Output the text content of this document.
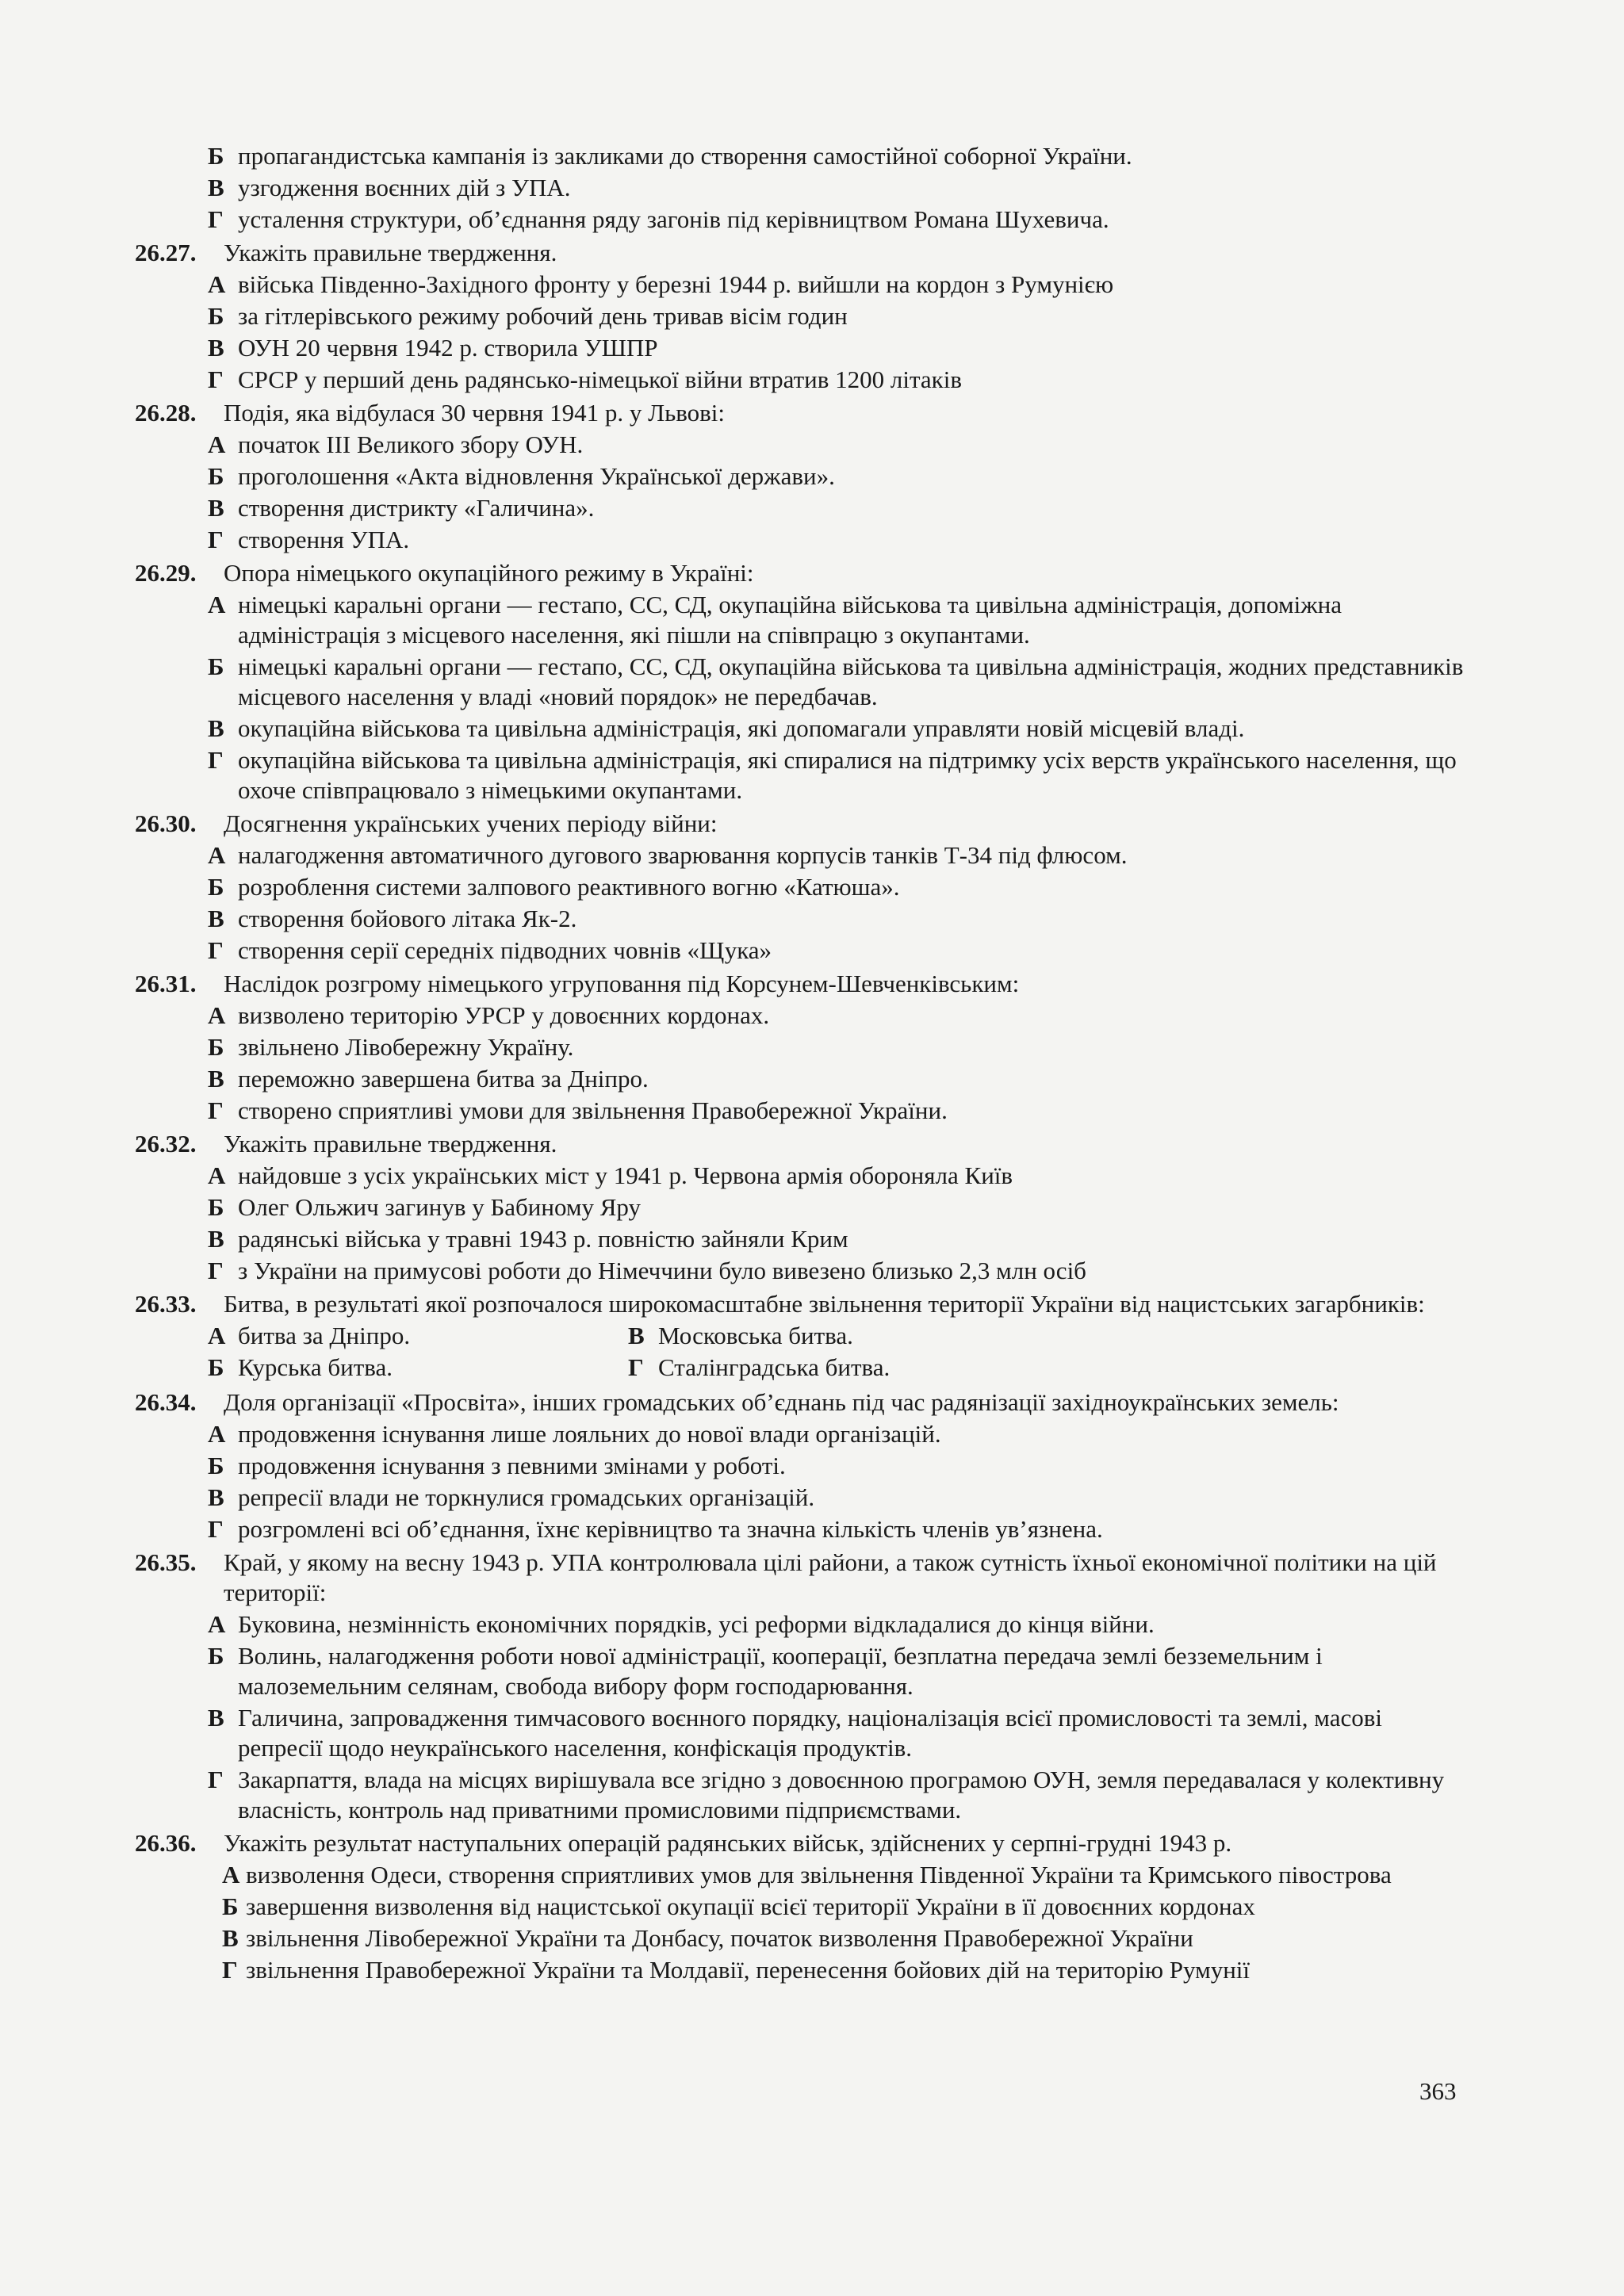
Б пропагандистська кампанія із закликами до створення самостійної соборної України.
В узгодження воєнних дій з УПА.
Г усталення структури, об’єднання ряду загонів під керівництвом Романа Шухевича.
26.27. Укажіть правильне твердження.
А війська Південно-Західного фронту у березні 1944 р. вийшли на кордон з Румунією
Б за гітлерівського режиму робочий день тривав вісім годин
В ОУН 20 червня 1942 р. створила УШПР
Г СРСР у перший день радянсько-німецької війни втратив 1200 літаків
26.28. Подія, яка відбулася 30 червня 1941 р. у Львові:
А початок III Великого збору ОУН.
Б проголошення «Акта відновлення Української держави».
В створення дистрикту «Галичина».
Г створення УПА.
26.29. Опора німецького окупаційного режиму в Україні:
А німецькі каральні органи — гестапо, СС, СД, окупаційна військова та цивільна адміністрація, допоміжна адміністрація з місцевого населення, які пішли на співпрацю з окупантами.
Б німецькі каральні органи — гестапо, СС, СД, окупаційна військова та цивільна адміністрація, жодних представників місцевого населення у владі «новий порядок» не передбачав.
В окупаційна військова та цивільна адміністрація, які допомагали управляти новій місцевій владі.
Г окупаційна військова та цивільна адміністрація, які спиралися на підтримку усіх верств українського населення, що охоче співпрацювало з німецькими окупантами.
26.30. Досягнення українських учених періоду війни:
А налагодження автоматичного дугового зварювання корпусів танків Т-34 під флюсом.
Б розроблення системи залпового реактивного вогню «Катюша».
В створення бойового літака Як-2.
Г створення серії середніх підводних човнів «Щука»
26.31. Наслідок розгрому німецького угруповання під Корсунем-Шевченківським:
А визволено територію УРСР у довоєнних кордонах.
Б звільнено Лівобережну Україну.
В переможно завершена битва за Дніпро.
Г створено сприятливі умови для звільнення Правобережної України.
26.32. Укажіть правильне твердження.
А найдовше з усіх українських міст у 1941 р. Червона армія обороняла Київ
Б Олег Ольжич загинув у Бабиному Яру
В радянські війська у травні 1943 р. повністю зайняли Крим
Г з України на примусові роботи до Німеччини було вивезено близько 2,3 млн осіб
26.33. Битва, в результаті якої розпочалося широкомасштабне звільнення території України від нацистських загарбників:
А битва за Дніпро.
Б Курська битва.
В Московська битва.
Г Сталінградська битва.
26.34. Доля організації «Просвіта», інших громадських об’єднань під час радянізації західноукраїнських земель:
А продовження існування лише лояльних до нової влади організацій.
Б продовження існування з певними змінами у роботі.
В репресії влади не торкнулися громадських організацій.
Г розгромлені всі об’єднання, їхнє керівництво та значна кількість членів ув’язнена.
26.35. Край, у якому на весну 1943 р. УПА контролювала цілі райони, а також сутність їхньої економічної політики на цій території:
А Буковина, незмінність економічних порядків, усі реформи відкладалися до кінця війни.
Б Волинь, налагодження роботи нової адміністрації, кооперації, безплатна передача землі безземельним і малоземельним селянам, свобода вибору форм господарювання.
В Галичина, запровадження тимчасового воєнного порядку, націоналізація всієї промисловості та землі, масові репресії щодо неукраїнського населення, конфіскація продуктів.
Г Закарпаття, влада на місцях вирішувала все згідно з довоєнною програмою ОУН, земля передавалася у колективну власність, контроль над приватними промисловими підприємствами.
26.36. Укажіть результат наступальних операцій радянських військ, здійснених у серпні-грудні 1943 р.
А визволення Одеси, створення сприятливих умов для звільнення Південної України та Кримського півострова
Б завершення визволення від нацистської окупації всієї території України в її довоєнних кордонах
В звільнення Лівобережної України та Донбасу, початок визволення Правобережної України
Г звільнення Правобережної України та Молдавії, перенесення бойових дій на територію Румунії
363
